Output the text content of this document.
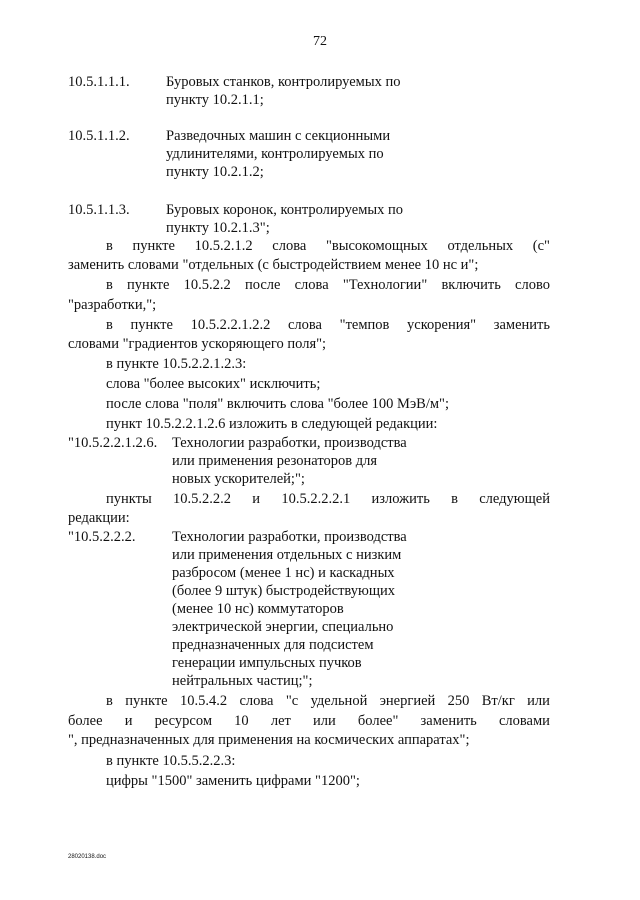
72
10.5.1.1.1.	Буровых станков, контролируемых по
пункту 10.2.1.1;
10.5.1.1.2.	Разведочных машин с секционными
удлинителями, контролируемых по
пункту 10.2.1.2;
10.5.1.1.3.	Буровых коронок, контролируемых по
пункту 10.2.1.3";
в пункте 10.5.2.1.2 слова "высокомощных отдельных (с"
заменить словами "отдельных (с быстродействием менее 10 нс и";
в пункте 10.5.2.2 после слова "Технологии" включить слово
"разработки,";
в пункте 10.5.2.2.1.2.2 слова "темпов ускорения" заменить
словами "градиентов ускоряющего поля";
в пункте 10.5.2.2.1.2.3:
слова "более высоких" исключить;
после слова "поля" включить слова "более 100 МэВ/м";
пункт 10.5.2.2.1.2.6 изложить в следующей редакции:
"10.5.2.2.1.2.6. Технологии разработки, производства
или применения резонаторов для
новых ускорителей;";
пункты 10.5.2.2.2 и 10.5.2.2.2.1 изложить в следующей
редакции:
"10.5.2.2.2.	Технологии разработки, производства
или применения отдельных с низким
разбросом (менее 1 нс) и каскадных
(более 9 штук) быстродействующих
(менее 10 нс) коммутаторов
электрической энергии, специально
предназначенных для подсистем
генерации импульсных пучков
нейтральных частиц;";
в пункте 10.5.4.2 слова "с удельной энергией 250 Вт/кг или
более и ресурсом 10 лет или более" заменить словами
", предназначенных для применения на космических аппаратах";
в пункте 10.5.5.2.2.3:
цифры "1500" заменить цифрами "1200";
28020138.doc
